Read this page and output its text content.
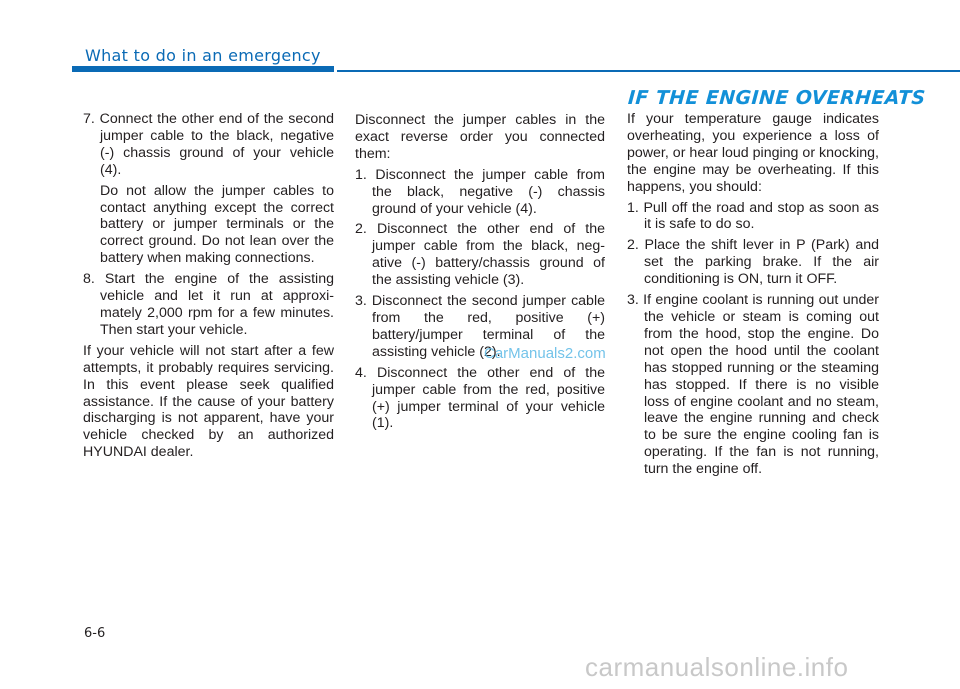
What to do in an emergency
IF THE ENGINE OVERHEATS

7. Connect the other end of the second jumper cable to the black, negative (-) chassis ground of your vehicle (4).

Do not allow the jumper cables to contact anything except the correct battery or jumper terminals or the correct ground. Do not lean over the battery when making connections.

8. Start the engine of the assisting vehicle and let it run at approximately 2,000 rpm for a few minutes. Then start your vehicle.

If your vehicle will not start after a few attempts, it probably requires servicing. In this event please seek qualified assistance. If the cause of your battery discharging is not apparent, have your vehicle checked by an authorized HYUNDAI dealer.

Disconnect the jumper cables in the exact reverse order you connected them:

1. Disconnect the jumper cable from the black, negative (-) chassis ground of your vehicle (4).

2. Disconnect the other end of the jumper cable from the black, negative (-) battery/chassis ground of the assisting vehicle (3).

3. Disconnect the second jumper cable from the red, positive (+) battery/jumper terminal of the assisting vehicle (2).

4. Disconnect the other end of the jumper cable from the red, positive (+) jumper terminal of your vehicle (1).

If your temperature gauge indicates overheating, you experience a loss of power, or hear loud pinging or knocking, the engine may be overheating. If this happens, you should:

1. Pull off the road and stop as soon as it is safe to do so.

2. Place the shift lever in P (Park) and set the parking brake. If the air conditioning is ON, turn it OFF.

3. If engine coolant is running out under the vehicle or steam is coming out from the hood, stop the engine. Do not open the hood until the coolant has stopped running or the steaming has stopped. If there is no visible loss of engine coolant and no steam, leave the engine running and check to be sure the engine cooling fan is operating. If the fan is not running, turn the engine off.

CarManuals2.com
6-6
carmanualsonline.info
